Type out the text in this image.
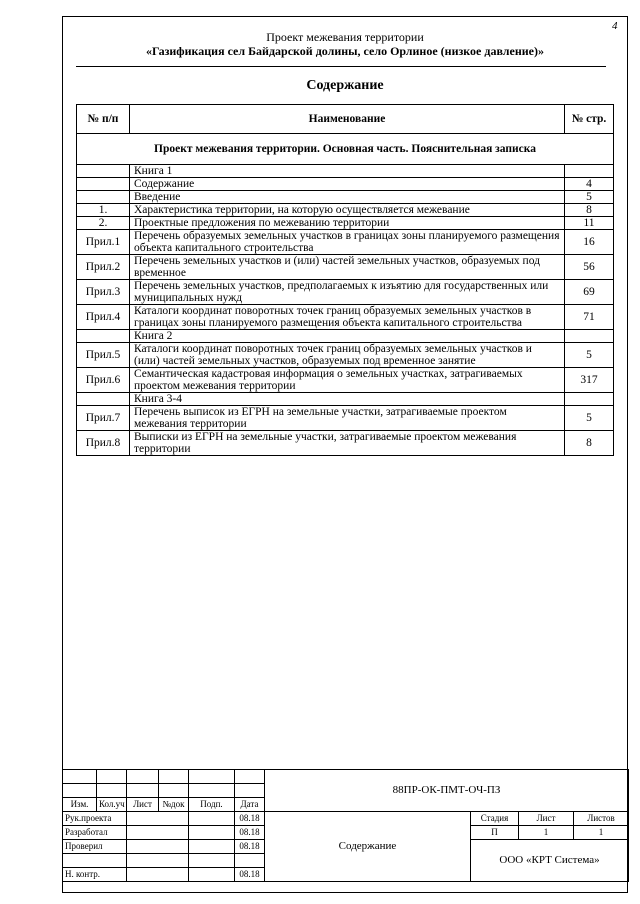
4
Проект межевания территории
«Газификация сел Байдарской долины, село Орлиное (низкое давление)»
Содержание
№ п/п	Наименование	№ стр.
Проект межевания территории. Основная часть. Пояснительная записка		
	Книга 1	
	Содержание	4
	Введение	5
1.	Характеристика территории, на которую осуществляется межевание	8
2.	Проектные предложения по межеванию территории	11
Прил.1	Перечень образуемых земельных участков в границах зоны планируемого размещения объекта капитального строительства	16
Прил.2	Перечень земельных участков и (или) частей земельных участков, образуемых под временное	56
Прил.3	Перечень земельных участков, предполагаемых к изъятию для государственных или муниципальных нужд	69
Прил.4	Каталоги координат поворотных точек границ образуемых земельных участков в границах зоны планируемого размещения объекта капитального строительства	71
	Книга 2	
Прил.5	Каталоги координат поворотных точек границ образуемых земельных участков и (или) частей земельных участков, образуемых под временное занятие	5
Прил.6	Семантическая кадастровая информация о земельных участках, затрагиваемых проектом межевания территории	317
	Книга 3-4	
Прил.7	Перечень выписок из ЕГРН на земельные участки, затрагиваемые проектом межевания территории	5
Прил.8	Выписки из ЕГРН на земельные участки, затрагиваемые проектом межевания территории	8
						88ПР-ОК-ПМТ-ОЧ-ПЗ			

Изм.	Кол.уч	Лист	№док	Подп.	Дата				
Рук.проекта					08.18	Содержание	Стадия	Лист	Листов
Разработал					08.18		П	1	1
Проверил					08.18		ООО «КРТ Система»		

Н. контр.					08.18				
